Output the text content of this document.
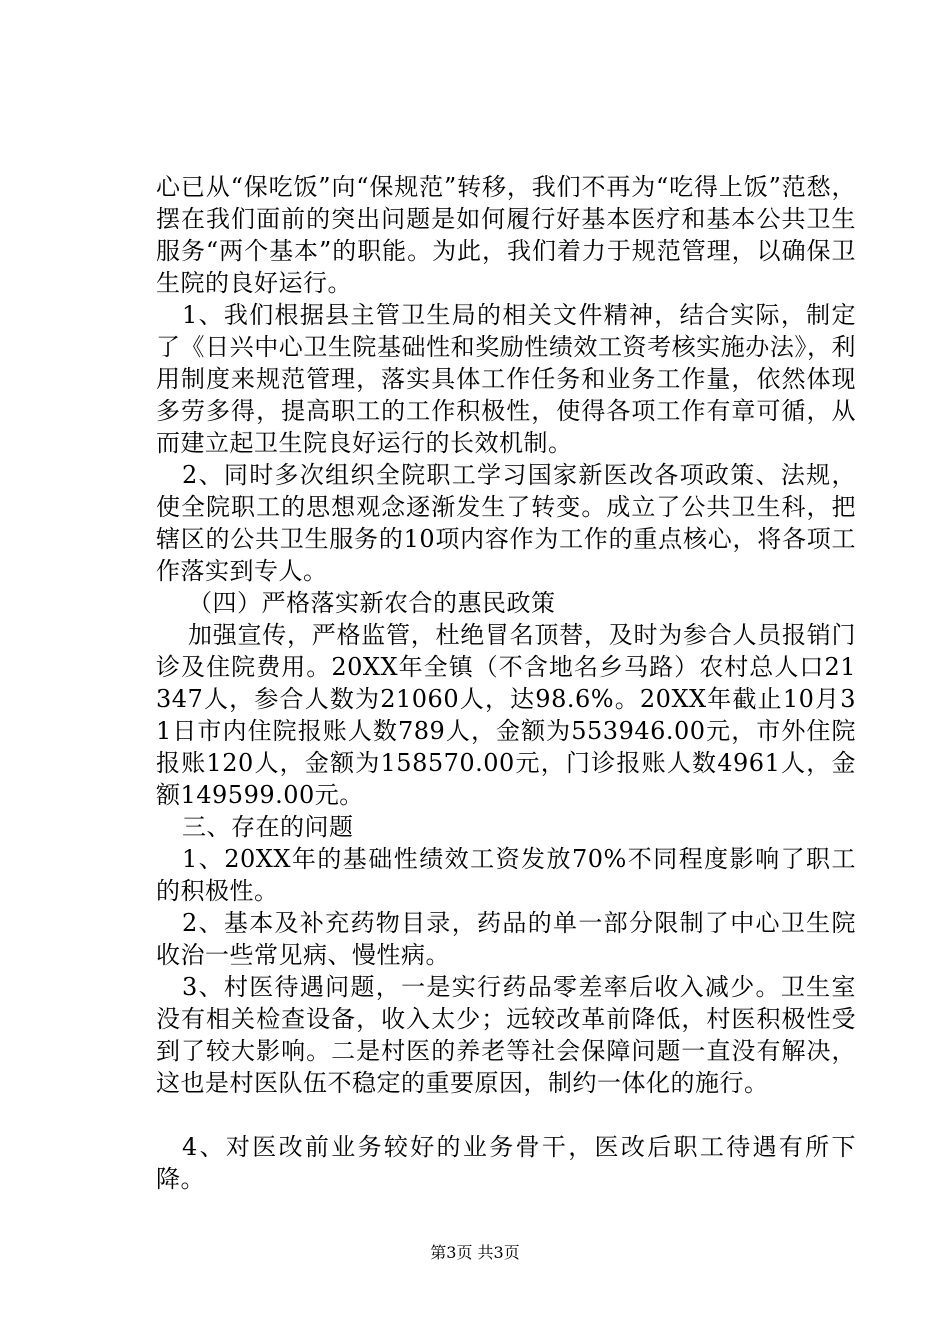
心已从“保吃饭”向“保规范”转移，我们不再为“吃得上饭”范愁，摆在我们面前的突出问题是如何履行好基本医疗和基本公共卫生服务“两个基本”的职能。为此，我们着力于规范管理，以确保卫生院的良好运行。

1、我们根据县主管卫生局的相关文件精神，结合实际，制定了《日兴中心卫生院基础性和奖励性绩效工资考核实施办法》，利用制度来规范管理，落实具体工作任务和业务工作量，依然体现多劳多得，提高职工的工作积极性，使得各项工作有章可循，从而建立起卫生院良好运行的长效机制。

2、同时多次组织全院职工学习国家新医改各项政策、法规，使全院职工的思想观念逐渐发生了转变。成立了公共卫生科，把辖区的公共卫生服务的10项内容作为工作的重点核心，将各项工作落实到专人。

（四）严格落实新农合的惠民政策

加强宣传，严格监管，杜绝冒名顶替，及时为参合人员报销门诊及住院费用。20XX年全镇（不含地名乡马路）农村总人口21347人，参合人数为21060人，达98.6%。20XX年截止10月31日市内住院报账人数789人，金额为553946.00元，市外住院报账120人，金额为158570.00元，门诊报账人数4961人，金额149599.00元。

三、存在的问题

1、20XX年的基础性绩效工资发放70%不同程度影响了职工的积极性。

2、基本及补充药物目录，药品的单一部分限制了中心卫生院收治一些常见病、慢性病。

3、村医待遇问题，一是实行药品零差率后收入减少。卫生室没有相关检查设备，收入太少；远较改革前降低，村医积极性受到了较大影响。二是村医的养老等社会保障问题一直没有解决，这也是村医队伍不稳定的重要原因，制约一体化的施行。

4、对医改前业务较好的业务骨干，医改后职工待遇有所下降。

第3页 共3页
